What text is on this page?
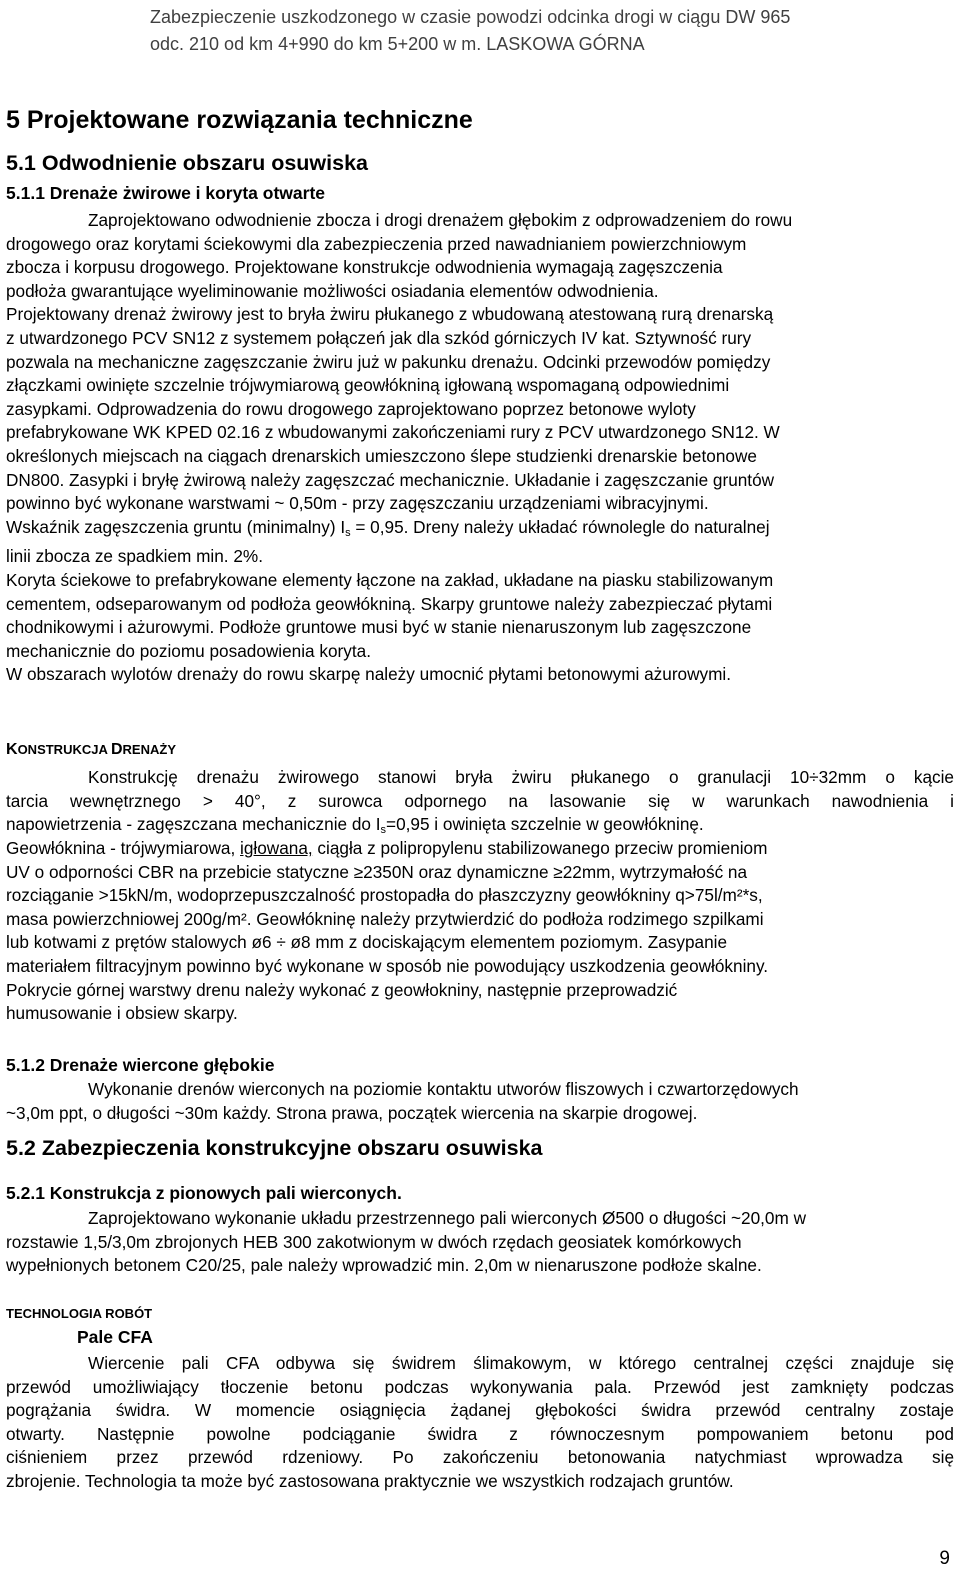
Zabezpieczenie uszkodzonego w czasie powodzi odcinka drogi w ciągu DW 965
odc. 210 od km 4+990 do km 5+200 w m. LASKOWA GÓRNA
5 Projektowane rozwiązania techniczne
5.1 Odwodnienie obszaru osuwiska
5.1.1 Drenaże żwirowe i koryta otwarte
Zaprojektowano odwodnienie zbocza i drogi drenażem głębokim z odprowadzeniem do rowu
drogowego oraz korytami ściekowymi dla zabezpieczenia przed nawadnianiem powierzchniowym
zbocza i korpusu drogowego. Projektowane konstrukcje odwodnienia wymagają zagęszczenia
podłoża gwarantujące wyeliminowanie możliwości osiadania elementów odwodnienia.
Projektowany drenaż żwirowy jest to bryła żwiru płukanego z wbudowaną atestowaną rurą drenarską
z utwardzonego PCV SN12 z systemem połączeń jak dla szkód górniczych IV kat. Sztywność rury
pozwala na mechaniczne zagęszczanie żwiru już w pakunku drenażu. Odcinki przewodów pomiędzy
złączkami owinięte szczelnie trójwymiarową geowłókniną igłowaną wspomaganą odpowiednimi
zasypkami. Odprowadzenia do rowu drogowego zaprojektowano poprzez betonowe wyloty
prefabrykowane WK KPED 02.16 z wbudowanymi zakończeniami rury z PCV utwardzonego SN12. W
określonych miejscach na ciągach drenarskich umieszczono ślepe studzienki drenarskie betonowe
DN800. Zasypki i bryłę żwirową należy zagęszczać mechanicznie. Układanie i zagęszczanie gruntów
powinno być wykonane warstwami ~ 0,50m - przy zagęszczaniu urządzeniami wibracyjnymi.
Wskaźnik zagęszczenia gruntu (minimalny) $I_s = 0,95$. Dreny należy układać równolegle do naturalnej
linii zbocza ze spadkiem min. 2%.
Koryta ściekowe to prefabrykowane elementy łączone na zakład, układane na piasku stabilizowanym
cementem, odseparowanym od podłoża geowłókniną. Skarpy gruntowe należy zabezpieczać płytami
chodnikowymi i ażurowymi. Podłoże gruntowe musi być w stanie nienaruszonym lub zagęszczone
mechanicznie do poziomu posadowienia koryta.
W obszarach wylotów drenaży do rowu skarpę należy umocnić płytami betonowymi ażurowymi.
KONSTRUKCJA DRENAŻY
Konstrukcję drenażu żwirowego stanowi bryła żwiru płukanego o granulacji 10÷32mm o kącie
tarcia wewnętrznego > 40°, z surowca odpornego na lasowanie się w warunkach nawodnienia i
napowietrzenia - zagęszczana mechanicznie do $I_s=0,95$ i owinięta szczelnie w geowłókninę.
Geowłóknina - trójwymiarowa, igłowana, ciągła z polipropylenu stabilizowanego przeciw promieniom
UV o odporności CBR na przebicie statyczne ≥2350N oraz dynamiczne ≥22mm, wytrzymałość na
rozciąganie >15kN/m, wodoprzepuszczalność prostopadła do płaszczyzny geowłókniny q>75l/m²*s,
masa powierzchniowej 200g/m². Geowłókninę należy przytwierdzić do podłoża rodzimego szpilkami
lub kotwami z prętów stalowych ø6 ÷ ø8 mm z dociskającym elementem poziomym. Zasypanie
materiałem filtracyjnym powinno być wykonane w sposób nie powodujący uszkodzenia geowłókniny.
Pokrycie górnej warstwy drenu należy wykonać z geowłokniny, następnie przeprowadzić
humusowanie i obsiew skarpy.
5.1.2 Drenaże wiercone głębokie
Wykonanie drenów wierconych na poziomie kontaktu utworów fliszowych i czwartorzędowych
~3,0m ppt, o długości ~30m każdy. Strona prawa, początek wiercenia na skarpie drogowej.
5.2 Zabezpieczenia konstrukcyjne obszaru osuwiska
5.2.1 Konstrukcja z pionowych pali wierconych.
Zaprojektowano wykonanie układu przestrzennego pali wierconych Ø500 o długości ~20,0m w
rozstawie 1,5/3,0m zbrojonych HEB 300 zakotwionym w dwóch rzędach geosiatek komórkowych
wypełnionych betonem C20/25, pale należy wprowadzić min. 2,0m w nienaruszone podłoże skalne.
TECHNOLOGIA ROBÓT
Pale CFA
Wiercenie pali CFA odbywa się świdrem ślimakowym, w którego centralnej części znajduje się
przewód umożliwiający tłoczenie betonu podczas wykonywania pala. Przewód jest zamknięty podczas
pogrążania świdra. W momencie osiągnięcia żądanej głębokości świdra przewód centralny zostaje
otwarty. Następnie powolne podciąganie świdra z równoczesnym pompowaniem betonu pod
ciśnieniem przez przewód rdzeniowy. Po zakończeniu betonowania natychmiast wprowadza się
zbrojenie. Technologia ta może być zastosowana praktycznie we wszystkich rodzajach gruntów.
9
